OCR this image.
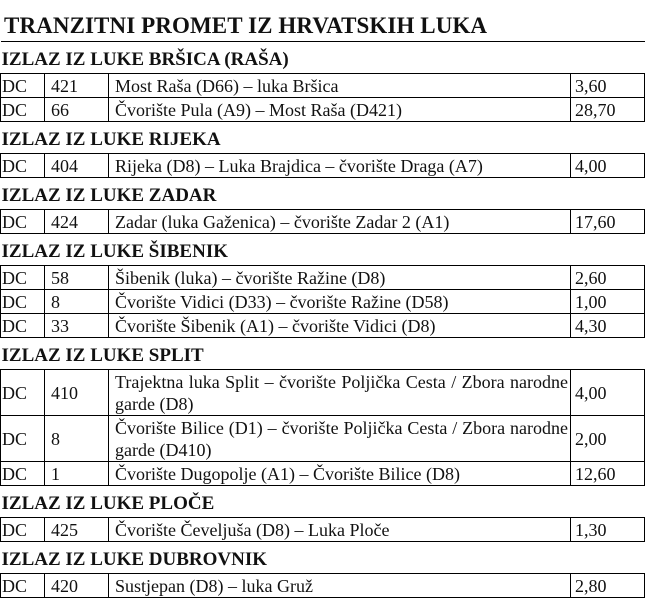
TRANZITNI PROMET IZ HRVATSKIH LUKA
IZLAZ IZ LUKE BRŠICA (RAŠA)			
DC	421	Most Raša (D66) – luka Bršica	3,60
DC	66	Čvorište Pula (A9) – Most Raša (D421)	28,70
IZLAZ IZ LUKE RIJEKA			
DC	404	Rijeka (D8) – Luka Brajdica – čvorište Draga (A7)	4,00
IZLAZ IZ LUKE ZADAR			
DC	424	Zadar (luka Gaženica) – čvorište Zadar 2 (A1)	17,60
IZLAZ IZ LUKE ŠIBENIK			
DC	58	Šibenik (luka) – čvorište Ražine (D8)	2,60
DC	8	Čvorište Vidici (D33) – čvorište Ražine (D58)	1,00
DC	33	Čvorište Šibenik (A1) – čvorište Vidici (D8)	4,30
IZLAZ IZ LUKE SPLIT			
DC	410	Trajektna luka Split – čvorište Poljička Cesta / Zbora narodne garde (D8)	4,00
DC	8	Čvorište Bilice (D1) – čvorište Poljička Cesta / Zbora narodne garde (D410)	2,00
DC	1	Čvorište Dugopolje (A1) – Čvorište Bilice (D8)	12,60
IZLAZ IZ LUKE PLOČE			
DC	425	Čvorište Čeveljuša (D8) – Luka Ploče	1,30
IZLAZ IZ LUKE DUBROVNIK			
DC	420	Sustjepan (D8) – luka Gruž	2,80
